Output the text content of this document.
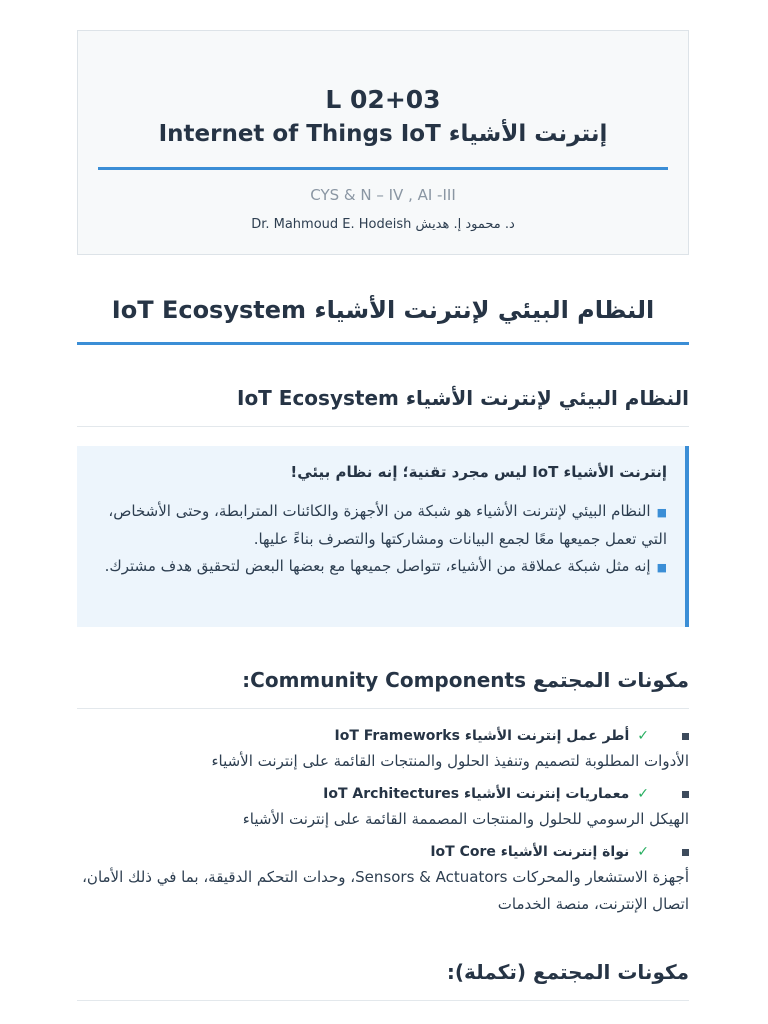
L 02+03
إنترنت الأشياء Internet of Things IoT
CYS & N – IV , AI -III
د. محمود إ. هديش Dr. Mahmoud E. Hodeish
النظام البيئي لإنترنت الأشياء IoT Ecosystem
النظام البيئي لإنترنت الأشياء IoT Ecosystem
إنترنت الأشياء IoT ليس مجرد تقنية؛ إنه نظام بيئي!
■النظام البيئي لإنترنت الأشياء هو شبكة من الأجهزة والكائنات المترابطة، وحتى الأشخاص، التي تعمل جميعها معًا لجمع البيانات ومشاركتها والتصرف بناءً عليها.
■إنه مثل شبكة عملاقة من الأشياء، تتواصل جميعها مع بعضها البعض لتحقيق هدف مشترك.
مكونات المجتمع Community Components:
✓أطر عمل إنترنت الأشياء IoT Frameworks
الأدوات المطلوبة لتصميم وتنفيذ الحلول والمنتجات القائمة على إنترنت الأشياء
✓معماريات إنترنت الأشياء IoT Architectures
الهيكل الرسومي للحلول والمنتجات المصممة القائمة على إنترنت الأشياء
✓نواة إنترنت الأشياء IoT Core
أجهزة الاستشعار والمحركات Sensors & Actuators، وحدات التحكم الدقيقة، بما في ذلك الأمان، اتصال الإنترنت، منصة الخدمات
مكونات المجتمع (تكملة):
